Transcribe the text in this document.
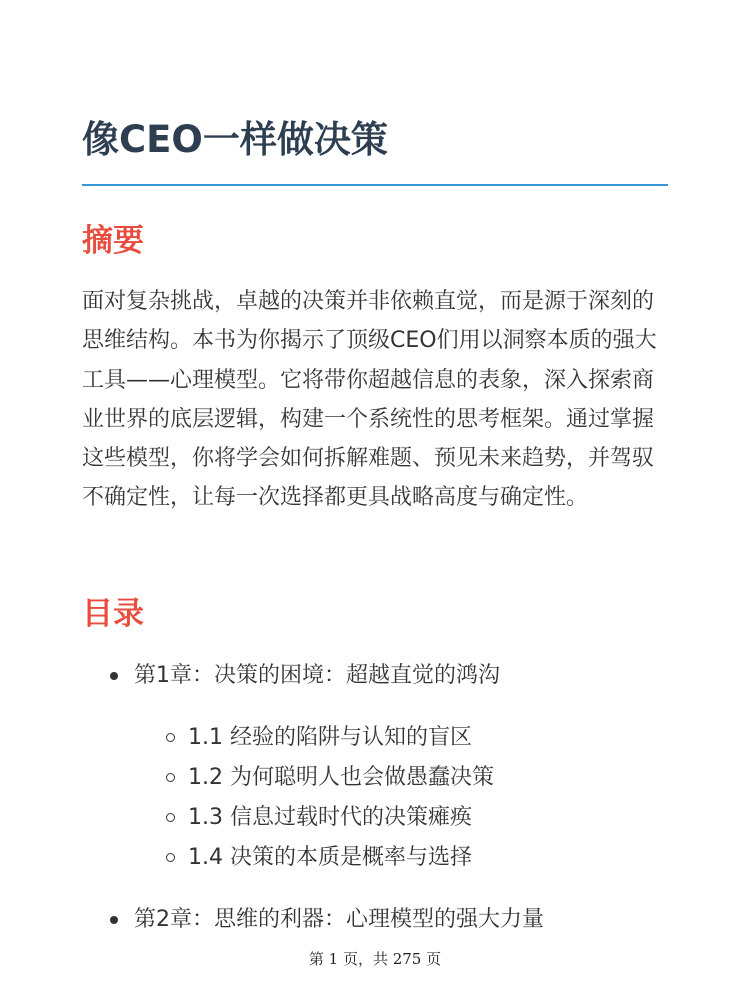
像CEO一样做决策
摘要

面对复杂挑战，卓越的决策并非依赖直觉，而是源于深刻的思维结构。本书为你揭示了顶级CEO们用以洞察本质的强大工具——心理模型。它将带你超越信息的表象，深入探索商业世界的底层逻辑，构建一个系统性的思考框架。通过掌握这些模型，你将学会如何拆解难题、预见未来趋势，并驾驭不确定性，让每一次选择都更具战略高度与确定性。

目录
第1章：决策的困境：超越直觉的鸿沟
1.1 经验的陷阱与认知的盲区
1.2 为何聪明人也会做愚蠢决策
1.3 信息过载时代的决策瘫痪
1.4 决策的本质是概率与选择
第2章：思维的利器：心理模型的强大力量
第 1 页，共 275 页
